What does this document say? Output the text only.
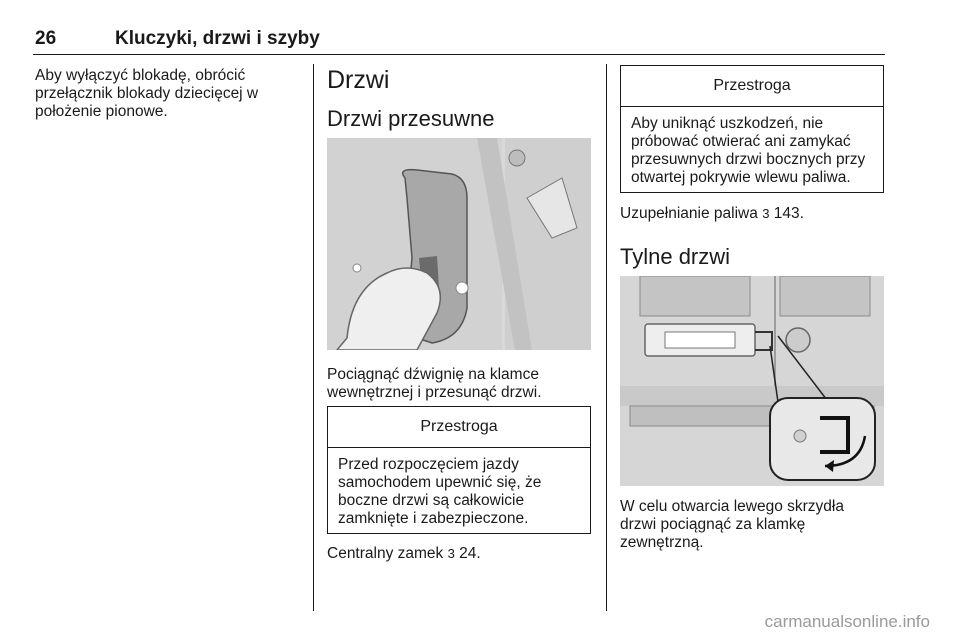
26	Kluczyki, drzwi i szyby
Aby wyłączyć blokadę, obrócić
przełącznik blokady dziecięcej w
położenie pionowe.
Drzwi
Drzwi przesuwne
Pociągnąć dźwignię na klamce
wewnętrznej i przesunąć drzwi.
Przestroga
Przed rozpoczęciem jazdy
samochodem upewnić się, że
boczne drzwi są całkowicie
zamknięte i zabezpieczone.
Centralny zamek 3 24.
Przestroga
Aby uniknąć uszkodzeń, nie
próbować otwierać ani zamykać
przesuwnych drzwi bocznych przy
otwartej pokrywie wlewu paliwa.
Uzupełnianie paliwa 3 143.
Tylne drzwi
W celu otwarcia lewego skrzydła
drzwi pociągnąć za klamkę
zewnętrzną.
carmanualsonline.info
